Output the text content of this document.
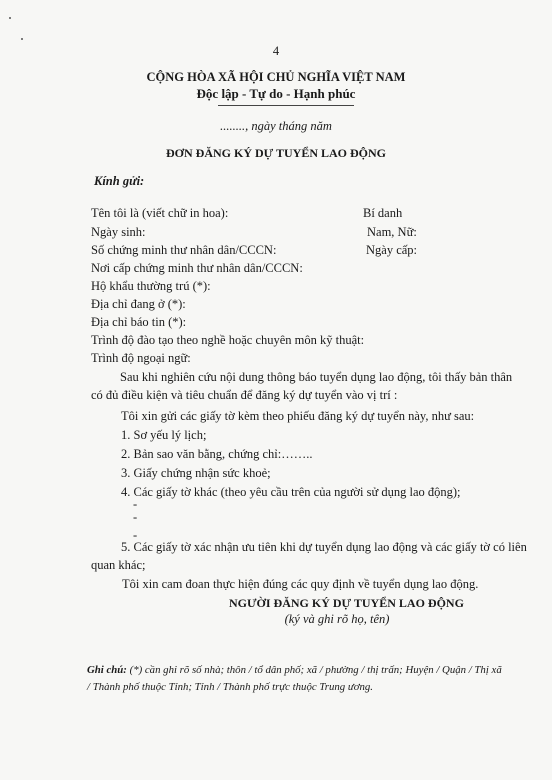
4
CỘNG HÒA XÃ HỘI CHỦ NGHĨA VIỆT NAM
Độc lập - Tự do - Hạnh phúc
........, ngày tháng năm
ĐƠN ĐĂNG KÝ DỰ TUYỂN LAO ĐỘNG
Kính gửi:
Tên tôi là (viết chữ in hoa):	Bí danh
Ngày sinh:	Nam, Nữ:
Số chứng minh thư nhân dân/CCCN:	Ngày cấp:
Nơi cấp chứng minh thư nhân dân/CCCN:
Hộ khẩu thường trú (*):
Địa chỉ đang ở (*):
Địa chỉ báo tin (*):
Trình độ đào tạo theo nghề hoặc chuyên môn kỹ thuật:
Trình độ ngoại ngữ:
Sau khi nghiên cứu nội dung thông báo tuyển dụng lao động, tôi thấy bản thân
có đủ điều kiện và tiêu chuẩn để đăng ký dự tuyển vào vị trí :
Tôi xin gửi các giấy tờ kèm theo phiếu đăng ký dự tuyển này, như sau:
1. Sơ yếu lý lịch;
2. Bản sao văn bằng, chứng chỉ:……..
3. Giấy chứng nhận sức khoẻ;
4. Các giấy tờ khác (theo yêu cầu trên của người sử dụng lao động);
-
-
-
5. Các giấy tờ xác nhận ưu tiên khi dự tuyển dụng lao động và các giấy tờ có liên
quan khác;
Tôi xin cam đoan thực hiện đúng các quy định về tuyển dụng lao động.
NGƯỜI ĐĂNG KÝ DỰ TUYỂN LAO ĐỘNG
(ký và ghi rõ họ, tên)
Ghi chú: (*) cần ghi rõ số nhà; thôn / tổ dân phố; xã / phường / thị trấn; Huyện / Quận / Thị xã / Thành phố thuộc Tỉnh; Tỉnh / Thành phố trực thuộc Trung ương.
